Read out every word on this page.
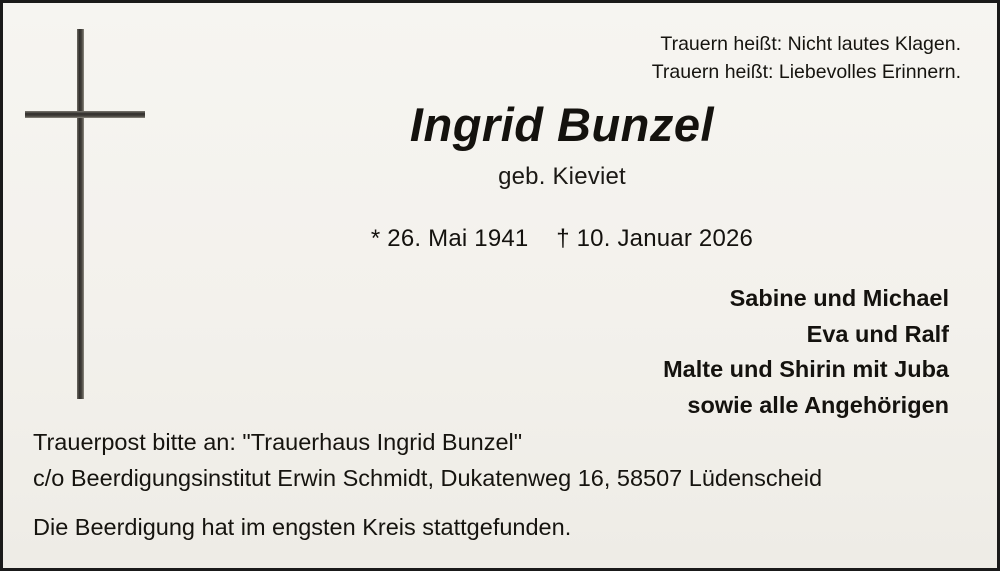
Trauern heißt: Nicht lautes Klagen.
Trauern heißt: Liebevolles Erinnern.
Ingrid Bunzel
geb. Kieviet
* 26. Mai 1941 † 10. Januar 2026
Sabine und Michael
Eva und Ralf
Malte und Shirin mit Juba
sowie alle Angehörigen
Trauerpost bitte an: "Trauerhaus Ingrid Bunzel"
c/o Beerdigungsinstitut Erwin Schmidt, Dukatenweg 16, 58507 Lüdenscheid
Die Beerdigung hat im engsten Kreis stattgefunden.
